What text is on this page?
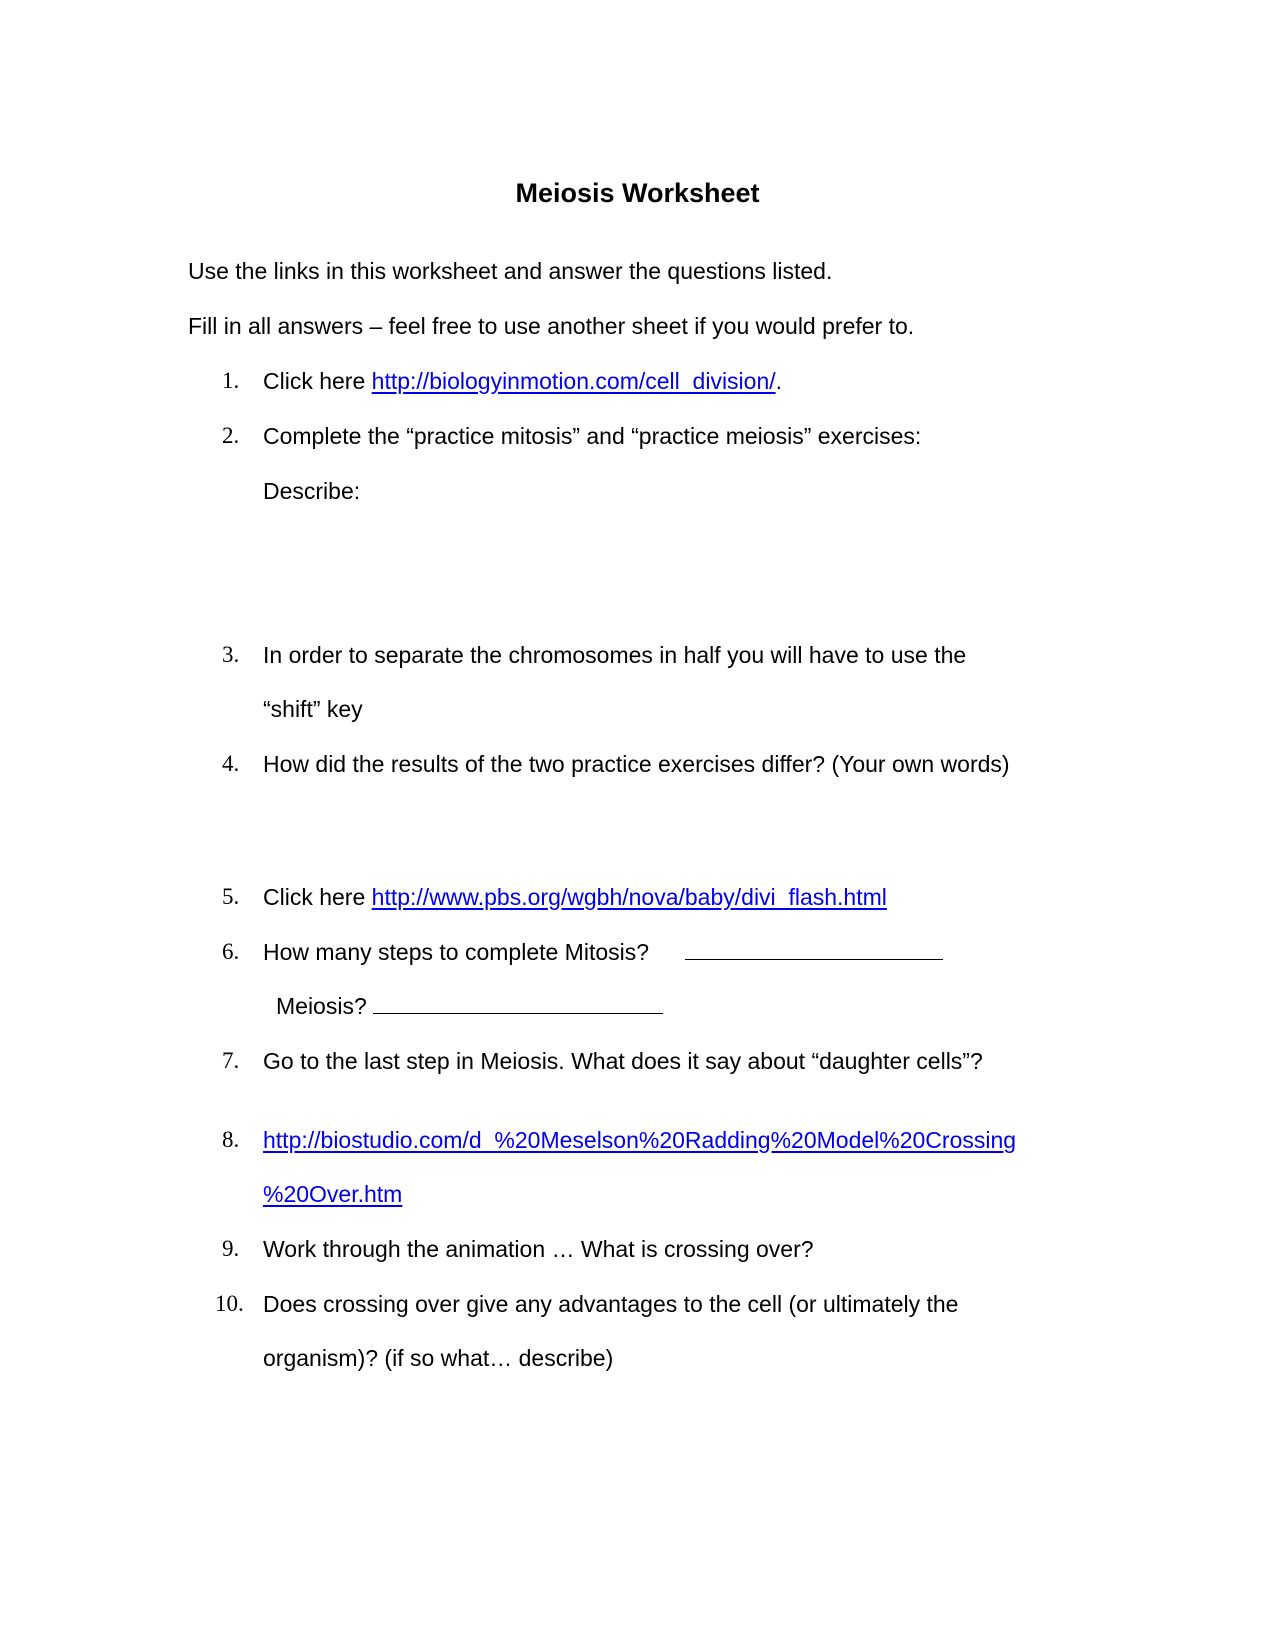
Meiosis Worksheet
Use the links in this worksheet and answer the questions listed.
Fill in all answers – feel free to use another sheet if you would prefer to.
1.	Click here http://biologyinmotion.com/cell_division/.
2.	Complete the “practice mitosis” and “practice meiosis” exercises:
Describe:
3.	In order to separate the chromosomes in half you will have to use the
“shift” key
4.	How did the results of the two practice exercises differ? (Your own words)
5.	Click here http://www.pbs.org/wgbh/nova/baby/divi_flash.html
6.	How many steps to complete Mitosis?
Meiosis?
7.	Go to the last step in Meiosis. What does it say about “daughter cells”?
8.	http://biostudio.com/d_%20Meselson%20Radding%20Model%20Crossing
%20Over.htm
9.	Work through the animation … What is crossing over?
10. Does crossing over give any advantages to the cell (or ultimately the
organism)? (if so what… describe)
